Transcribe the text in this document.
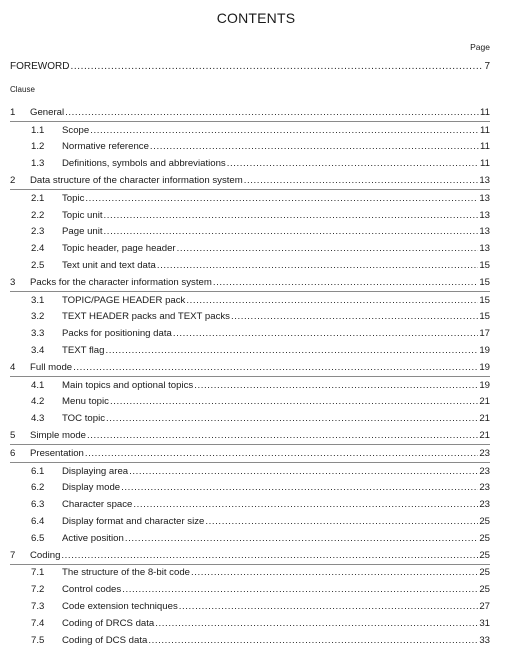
CONTENTS
Page
FOREWORD .....	7
Clause
1	General .....	11
1.1	Scope .....	11
1.2	Normative reference .....	11
1.3	Definitions, symbols and abbreviations .....	11
2	Data structure of the character information system .....	13
2.1	Topic .....	13
2.2	Topic unit .....	13
2.3	Page unit .....	13
2.4	Topic header, page header .....	13
2.5	Text unit and text data .....	15
3	Packs for the character information system .....	15
3.1	TOPIC/PAGE HEADER pack .....	15
3.2	TEXT HEADER packs and TEXT packs .....	15
3.3	Packs for positioning data .....	17
3.4	TEXT flag .....	19
4	Full mode .....	19
4.1	Main topics and optional topics .....	19
4.2	Menu topic .....	21
4.3	TOC topic .....	21
5	Simple mode .....	21
6	Presentation .....	23
6.1	Displaying area .....	23
6.2	Display mode .....	23
6.3	Character space .....	23
6.4	Display format and character size .....	25
6.5	Active position .....	25
7	Coding .....	25
7.1	The structure of the 8-bit code .....	25
7.2	Control codes .....	25
7.3	Code extension techniques .....	27
7.4	Coding of DRCS data .....	31
7.5	Coding of DCS data .....	33
